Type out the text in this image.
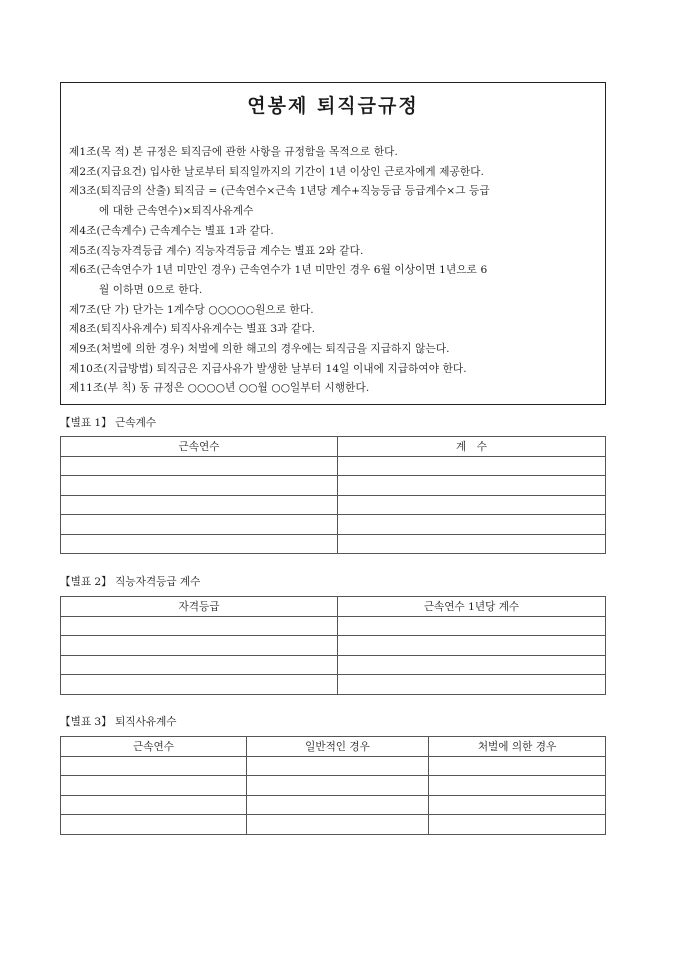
연봉제 퇴직금규정
제1조(목 적) 본 규정은 퇴직금에 관한 사항을 규정함을 목적으로 한다.
제2조(지급요건) 입사한 날로부터 퇴직일까지의 기간이 1년 이상인 근로자에게 제공한다.
제3조(퇴직금의 산출) 퇴직금 = (근속연수×근속 1년당 계수+직능등급 등급계수×그 등급
에 대한 근속연수)×퇴직사유계수
제4조(근속계수) 근속계수는 별표 1과 같다.
제5조(직능자격등급 계수) 직능자격등급 계수는 별표 2와 같다.
제6조(근속연수가 1년 미만인 경우) 근속연수가 1년 미만인 경우 6월 이상이면 1년으로 6
월 이하면 0으로 한다.
제7조(단 가) 단가는 1계수당 ○○○○○원으로 한다.
제8조(퇴직사유계수) 퇴직사유계수는 별표 3과 같다.
제9조(처벌에 의한 경우) 처벌에 의한 해고의 경우에는 퇴직금을 지급하지 않는다.
제10조(지급방법) 퇴직금은 지급사유가 발생한 날부터 14일 이내에 지급하여야 한다.
제11조(부 칙) 동 규정은 ○○○○년 ○○월 ○○일부터 시행한다.
【별표 1】 근속계수
근속연수	계　수

【별표 2】 직능자격등급 계수
자격등급	근속연수 1년당 계수

【별표 3】 퇴직사유계수
근속연수	일반적인 경우	처벌에 의한 경우
